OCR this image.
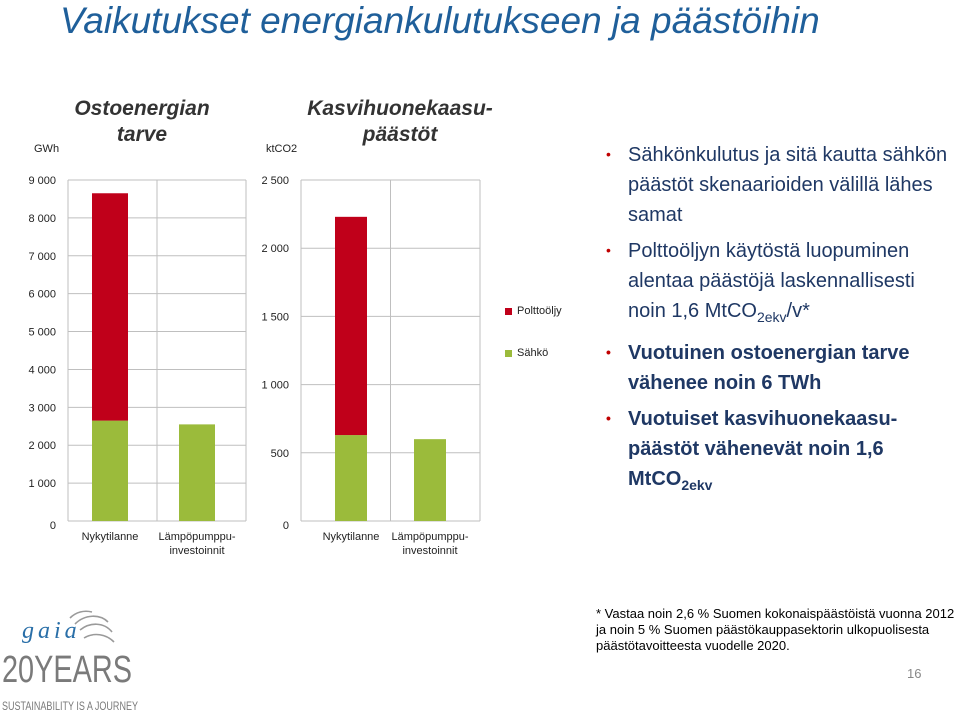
Vaikutukset energiankulutukseen ja päästöihin
Ostoenergian tarve
Kasvihuonekaasu-päästöt
GWh	ktCO2
0
1 000
2 000
3 000
4 000
5 000
6 000
7 000
8 000
9 000
Nykytilanne Lämpöpumppu-investoinnit
0
500
1 000
1 500
2 000
2 500
Nykytilanne Lämpöpumppu-investoinnit
Polttoöljy
Sähkö
• Sähkönkulutus ja sitä kautta sähkön päästöt skenaarioiden välillä lähes samat
• Polttoöljyn käytöstä luopuminen alentaa päästöjä laskennallisesti noin 1,6 MtCO$_{2ekv}$/v*
• Vuotuinen ostoenergian tarve vähenee noin 6 TWh
• Vuotuiset kasvihuonekaasu-päästöt vähenevät noin 1,6 MtCO$_{2ekv}$
* Vastaa noin 2,6 % Suomen kokonaispäästöistä vuonna 2012 ja noin 5 % Suomen päästökauppasektorin ulkopuolisesta päästötavoitteesta vuodelle 2020.
16
gaia
20YEARS
SUSTAINABILITY IS A JOURNEY
